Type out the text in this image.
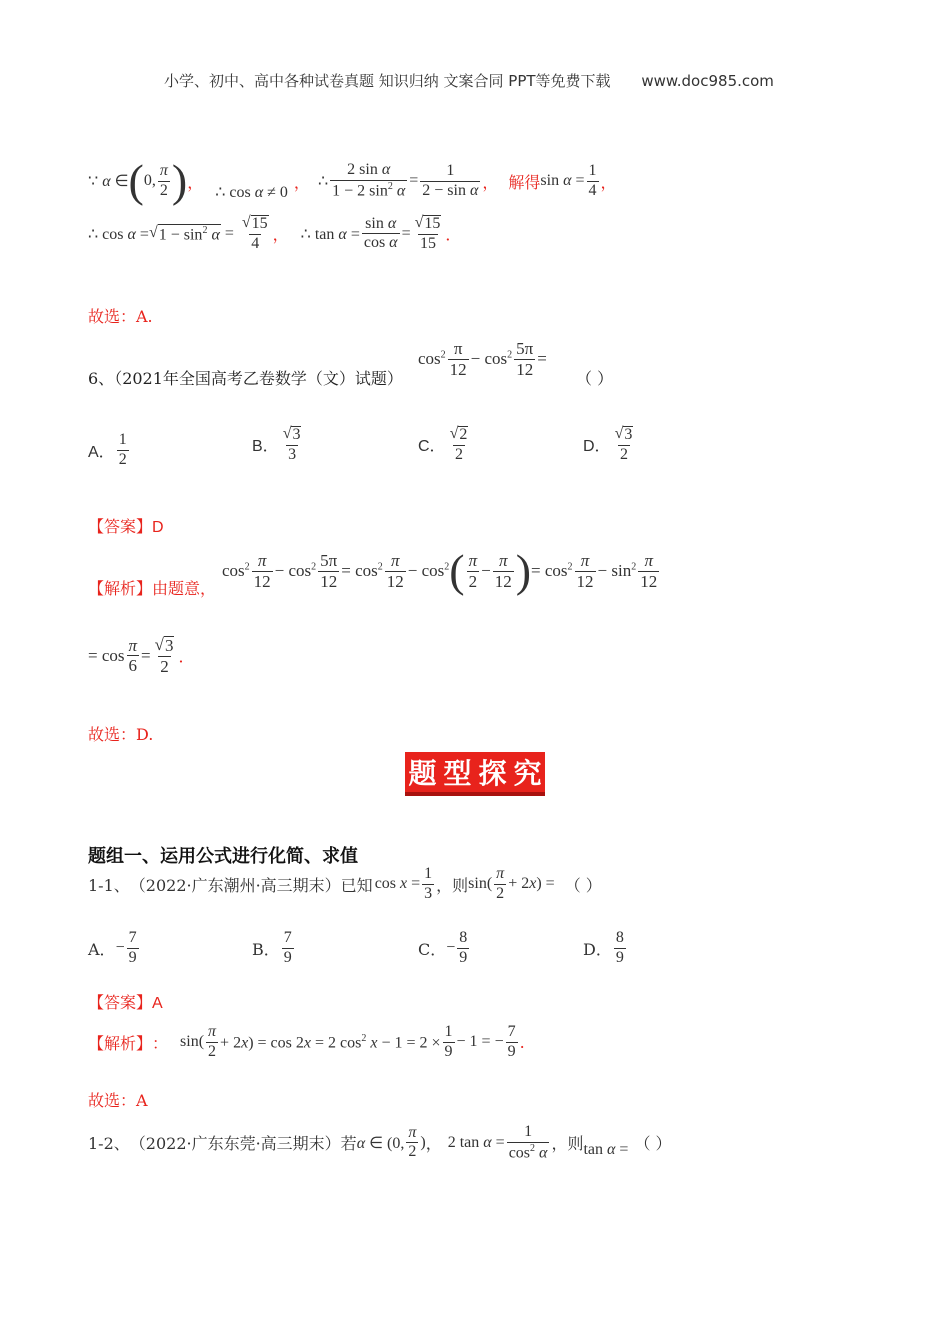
小学、初中、高中各种试卷真题 知识归纳 文案合同 PPT等免费下载 www.doc985.com
∵ α ∈ ( 0,
π
2 ) ，
∴ cos α ≠ 0
， ∴ $\frac{\text{2 sin α}}{1 - 2 \sin^2 \alpha} = \frac{1}{\text{2 − sin α}}$ ， 解得 $\sin \alpha = \frac{1}{4}$ ，
∴ cos α = √ $1 - \sin^2 \alpha = \frac{√ 15}{4}$ ， ∴ $\tan \alpha = \frac{\text{sin α}}{\text{cos α}} = \frac{√ 15}{15}$ ．
故选：A.
6、（2021年全国高考乙卷数学（文）试题）
$\cos^2 \pi$
12
− $\cos^2 \frac{5\pi}{12}$ =
（ ）
A．
1
2
B．
√ 3
3	C．
√ 2
2	D．
√ 3
2
【答案】D
【解析】由题意，
$\cos^2 \pi$
12
− $\cos^2 \frac{5\pi}{12} = \cos^2 \pi$
12
− $\cos^2$ ( π
2
− $\frac{\pi}{12}$ ) = $\cos^2 \pi$
12
− $\sin^2 \pi$
12
= $\cos \frac{\pi}{6} = \frac{√ 3}{2}$ ．
故选：D.
题 型 探 究
题组一、运用公式进行化简、求值
1-1、 （2022·广东潮州·高三期末）已知 $\cos x = \frac{1}{3}$ ，则 sin(
π
2
+ 2x) = （ ）
A． − $\frac{7}{9}$	B．
7
9	C． − $\frac{8}{9}$	D．
8
9
【答案】A
【解析】 ： sin(
π
2
+ 2x) = cos 2x = 2 $\cos^2 x - 1 = 2 \times \frac{1}{9} - 1$ = − $\frac{7}{9}$ .
故选：A
1-2、 （2022·广东东莞·高三期末）若 α ∈ (0,
π
2
) ， 2 $\tan \alpha = \frac{1}{\cos^2 \alpha}$ ，则 tan α = （ ）
